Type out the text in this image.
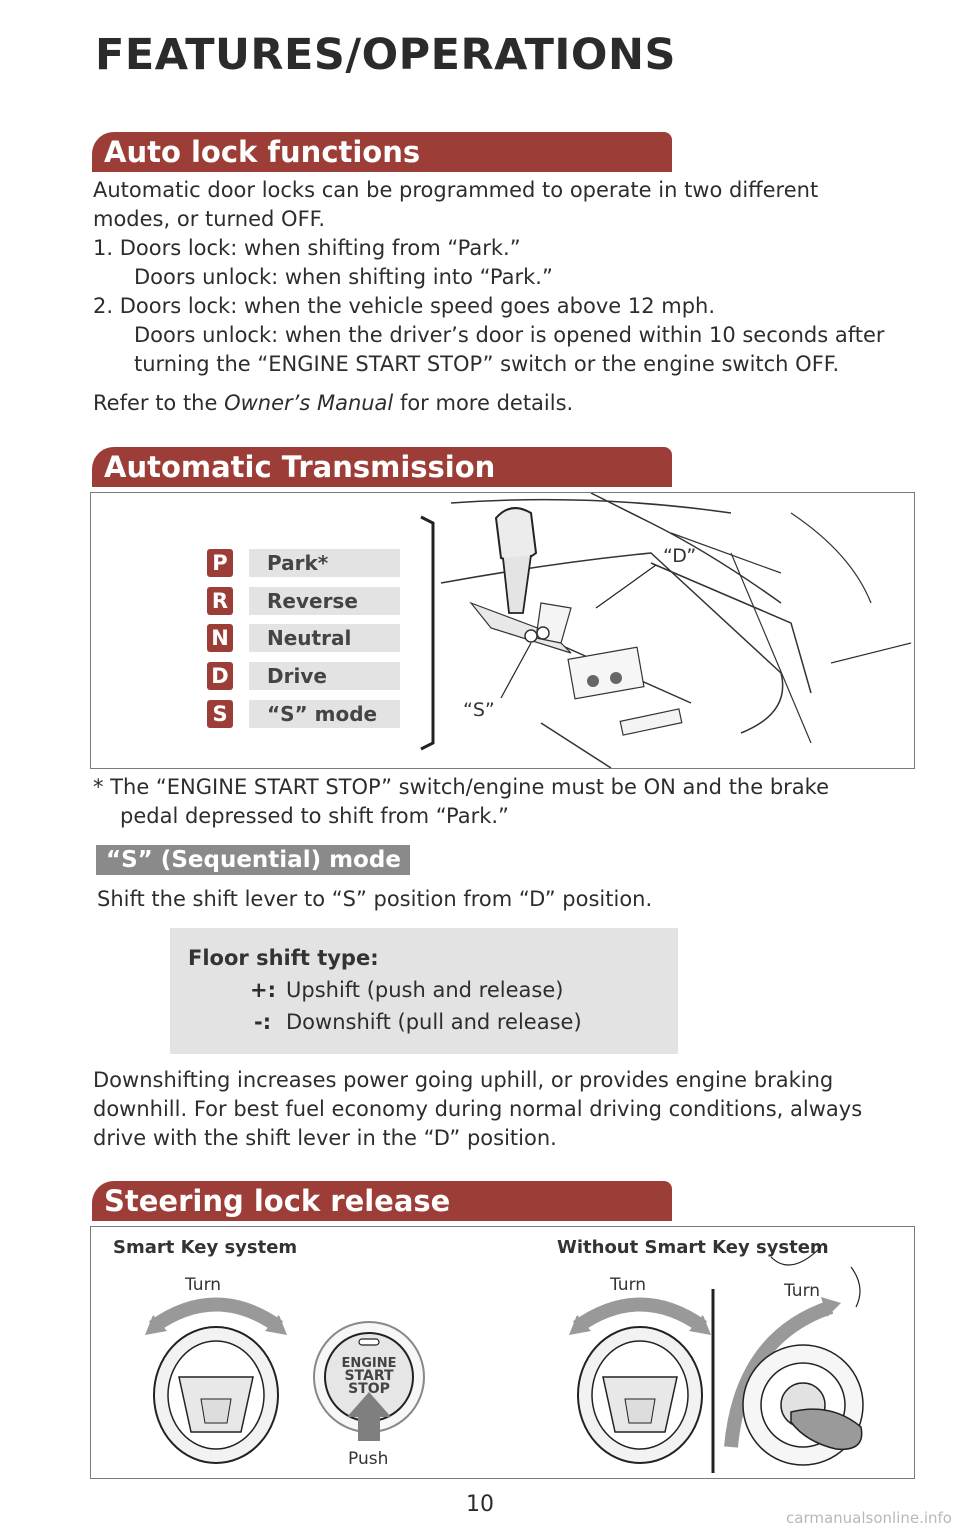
FEATURES/OPERATIONS
Auto lock functions
Automatic door locks can be programmed to operate in two different
modes, or turned OFF.
1. Doors lock: when shifting from “Park.”
Doors unlock: when shifting into “Park.”
2. Doors lock: when the vehicle speed goes above 12 mph.
Doors unlock: when the driver’s door is opened within 10 seconds after
turning the “ENGINE START STOP” switch or the engine switch OFF.
Refer to the Owner’s Manual for more details.
Automatic Transmission
“D”
“S”
P	Park*
R	Reverse
N	Neutral
D	Drive
S	“S” mode
* The “ENGINE START STOP” switch/engine must be ON and the brake
pedal depressed to shift from “Park.”
“S” (Sequential) mode
Shift the shift lever to “S” position from “D” position.
Floor shift type:
+: Upshift (push and release)
-: Downshift (pull and release)
Downshifting increases power going uphill, or provides engine braking
downhill. For best fuel economy during normal driving conditions, always
drive with the shift lever in the “D” position.
Steering lock release
Smart Key system	Without Smart Key system
Turn	Turn	Turn
Push
ENGINE
START
STOP
10
carmanualsonline.info
